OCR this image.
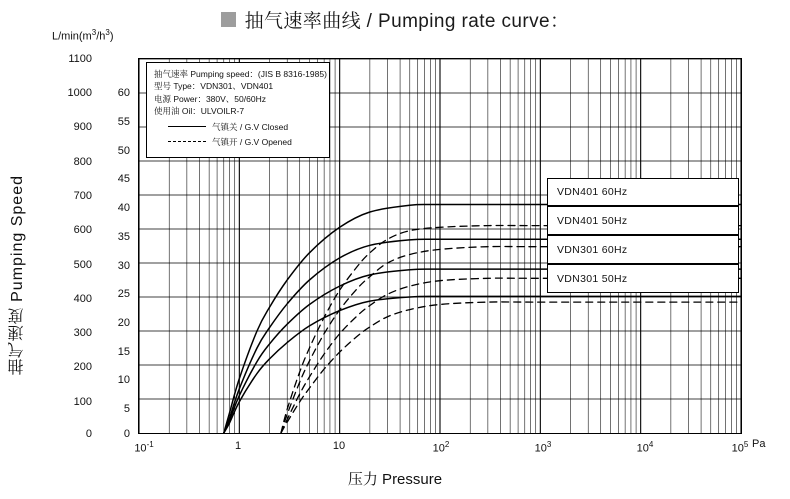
抽气速率曲线 / Pumping rate curve：
$L/\min(m^3/h^3)$
抽气速度 Pumping Speed
压力 Pressure
Pa
1100
1000
900
800
700
600
500
400
300
200
100
0
60
55
50
45
40
35
30
25
20
15
10
5
0
$10^{-1}$	1	10	$10^2$	$10^3$	$10^4$	$10^5$
抽气速率 Pumping speed：(JIS B 8316-1985)
型号 Type：VDN301、VDN401
电源 Power：380V、50/60Hz
使用油 Oil：ULVOILR-7
气镇关 / G.V Closed
气镇开 / G.V Opened
VDN401 60Hz
VDN401 50Hz
VDN301 60Hz
VDN301 50Hz
